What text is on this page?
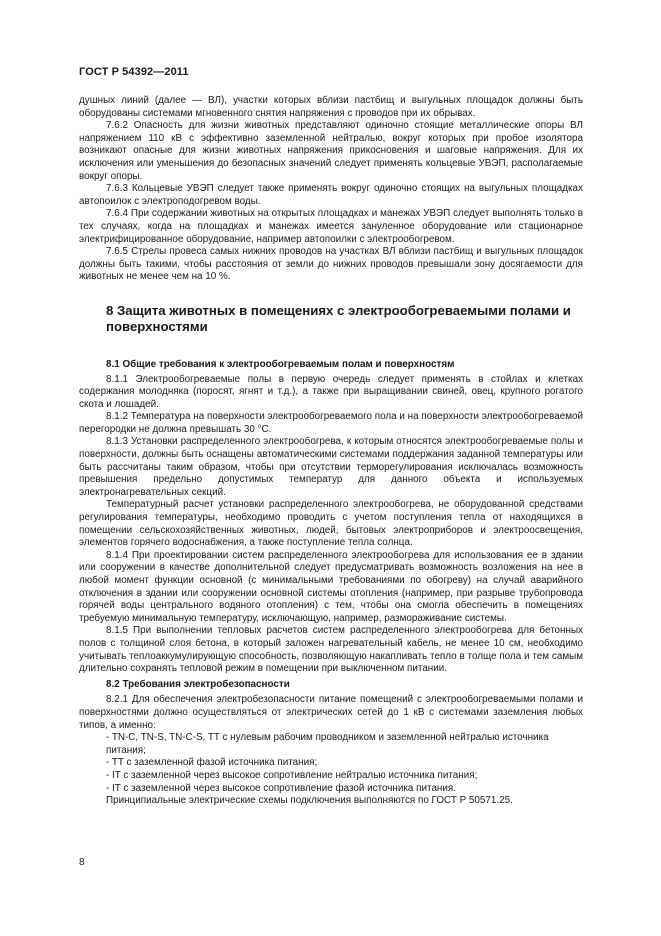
ГОСТ Р 54392—2011

душных линий (далее — ВЛ), участки которых вблизи пастбищ и выгульных площадок должны быть оборудованы системами мгновенного снятия напряжения с проводов при их обрывах.

7.6.2 Опасность для жизни животных представляют одиночно стоящие металлические опоры ВЛ напряжением 110 кВ с эффективно заземленной нейтралью, вокруг которых при пробое изолятора возникают опасные для жизни животных напряжения прикосновения и шаговые напряжения. Для их исключения или уменьшения до безопасных значений следует применять кольцевые УВЭП, располагаемые вокруг опоры.

7.6.3 Кольцевые УВЭП следует также применять вокруг одиночно стоящих на выгульных площадках автопоилок с электроподогревом воды.

7.6.4 При содержании животных на открытых площадках и манежах УВЭП следует выполнять только в тех случаях, когда на площадках и манежах имеется зануленное оборудование или стационарное электрифицированное оборудование, например автопоилки с электрообогревом.

7.6.5 Стрелы провеса самых нижних проводов на участках ВЛ вблизи пастбищ и выгульных площадок должны быть такими, чтобы расстояния от земли до нижних проводов превышали зону досягаемости для животных не менее чем на 10 %.

8 Защита животных в помещениях с электрообогреваемыми полами и поверхностями

8.1 Общие требования к электрообогреваемым полам и поверхностям

8.1.1 Электрообогреваемые полы в первую очередь следует применять в стойлах и клетках содержания молодняка (поросят, ягнят и т.д.), а также при выращивании свиней, овец, крупного рогатого скота и лошадей.

8.1.2 Температура на поверхности электрообогреваемого пола и на поверхности электрообогреваемой перегородки не должна превышать 30 °С.

8.1.3 Установки распределенного электрообогрева, к которым относятся электрообогреваемые полы и поверхности, должны быть оснащены автоматическими системами поддержания заданной температуры или быть рассчитаны таким образом, чтобы при отсутствии терморегулирования исключалась возможность превышения предельно допустимых температур для данного объекта и используемых электронагревательных секций.

Температурный расчет установки распределенного электрообогрева, не оборудованной средствами регулирования температуры, необходимо проводить с учетом поступления тепла от находящихся в помещении сельскохозяйственных животных, людей, бытовых электроприборов и электроосвещения, элементов горячего водоснабжения, а также поступление тепла солнца.

8.1.4 При проектировании систем распределенного электрообогрева для использования ее в здании или сооружении в качестве дополнительной следует предусматривать возможность возложения на нее в любой момент функции основной (с минимальными требованиями по обогреву) на случай аварийного отключения в здании или сооружении основной системы отопления (например, при разрыве трубопровода горячей воды центрального водяного отопления) с тем, чтобы она смогла обеспечить в помещениях требуемую минимальную температуру, исключающую, например, размораживание системы.

8.1.5 При выполнении тепловых расчетов систем распределенного электрообогрева для бетонных полов с толщиной слоя бетона, в который заложен нагревательный кабель, не менее 10 см, необходимо учитывать теплоаккумулирующую способность, позволяющую накапливать тепло в толще пола и тем самым длительно сохранять тепловой режим в помещении при выключенном питании.

8.2 Требования электробезопасности

8.2.1 Для обеспечения электробезопасности питание помещений с электрообогреваемыми полами и поверхностями должно осуществляться от электрических сетей до 1 кВ с системами заземления любых типов, а именно:

- TN-C, TN-S, TN-C-S, TT с нулевым рабочим проводником и заземленной нейтралью источника питания;

- TT с заземленной фазой источника питания;

- IT с заземленной через высокое сопротивление нейтралью источника питания;

- IT с заземленной через высокое сопротивление фазой источника питания.

Принципиальные электрические схемы подключения выполняются по ГОСТ Р 50571.25.

8
